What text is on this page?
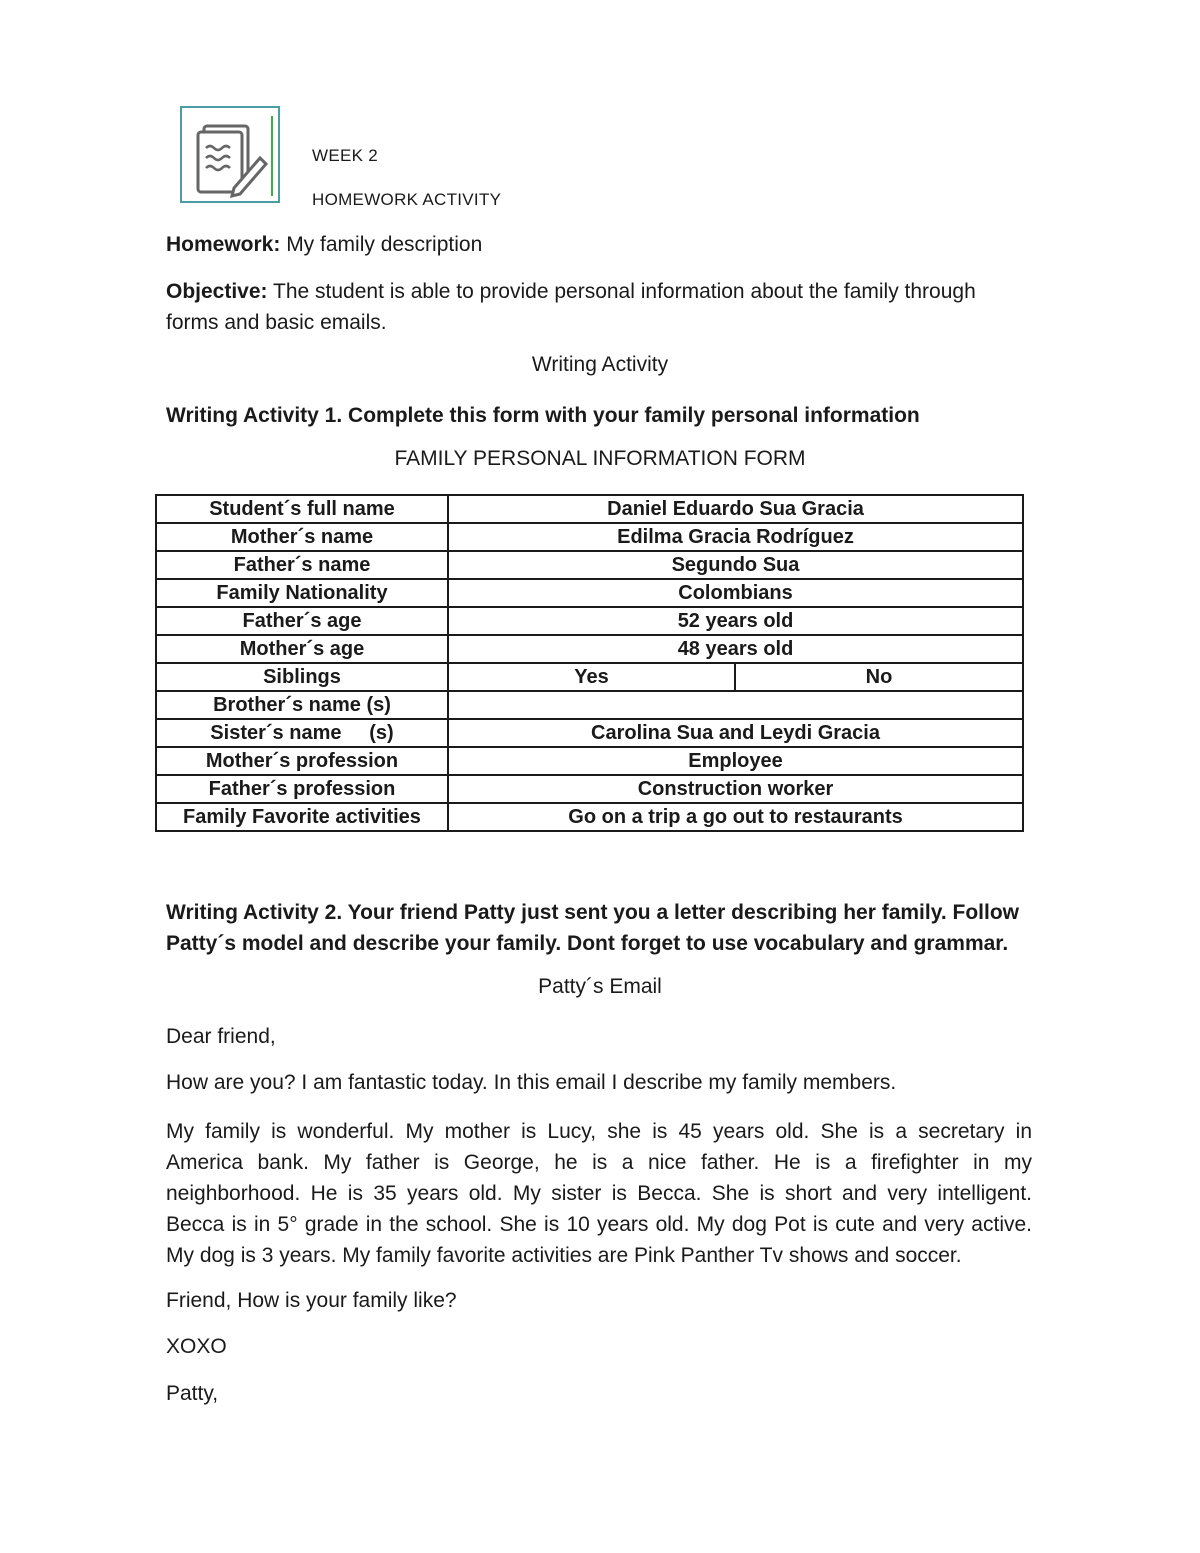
WEEK 2
HOMEWORK ACTIVITY
Homework: My family description
Objective: The student is able to provide personal information about the family through
forms and basic emails.
Writing Activity
Writing Activity 1. Complete this form with your family personal information
FAMILY PERSONAL INFORMATION FORM
Student´s full name	Daniel Eduardo Sua Gracia	
Mother´s name	Edilma Gracia Rodríguez	
Father´s name	Segundo Sua	
Family Nationality	Colombians	
Father´s age	52 years old	
Mother´s age	48 years old	
Siblings	Yes	No
Brother´s name (s)		
Sister´s name     (s)	Carolina Sua and Leydi Gracia	
Mother´s profession	Employee	
Father´s profession	Construction worker	
Family Favorite activities	Go on a trip a go out to restaurants	
Writing Activity 2. Your friend Patty just sent you a letter describing her family. Follow
Patty´s model and describe your family. Dont forget to use vocabulary and grammar.
Patty´s Email
Dear friend,
How are you? I am fantastic today. In this email I describe my family members.
My family is wonderful. My mother is Lucy, she is 45 years old. She is a secretary in
America bank. My father is George, he is a nice father. He is a firefighter in my
neighborhood. He is 35 years old. My sister is Becca. She is short and very intelligent.
Becca is in 5° grade in the school. She is 10 years old. My dog Pot is cute and very active.
My dog is 3 years. My family favorite activities are Pink Panther Tv shows and soccer.
Friend, How is your family like?
XOXO
Patty,
